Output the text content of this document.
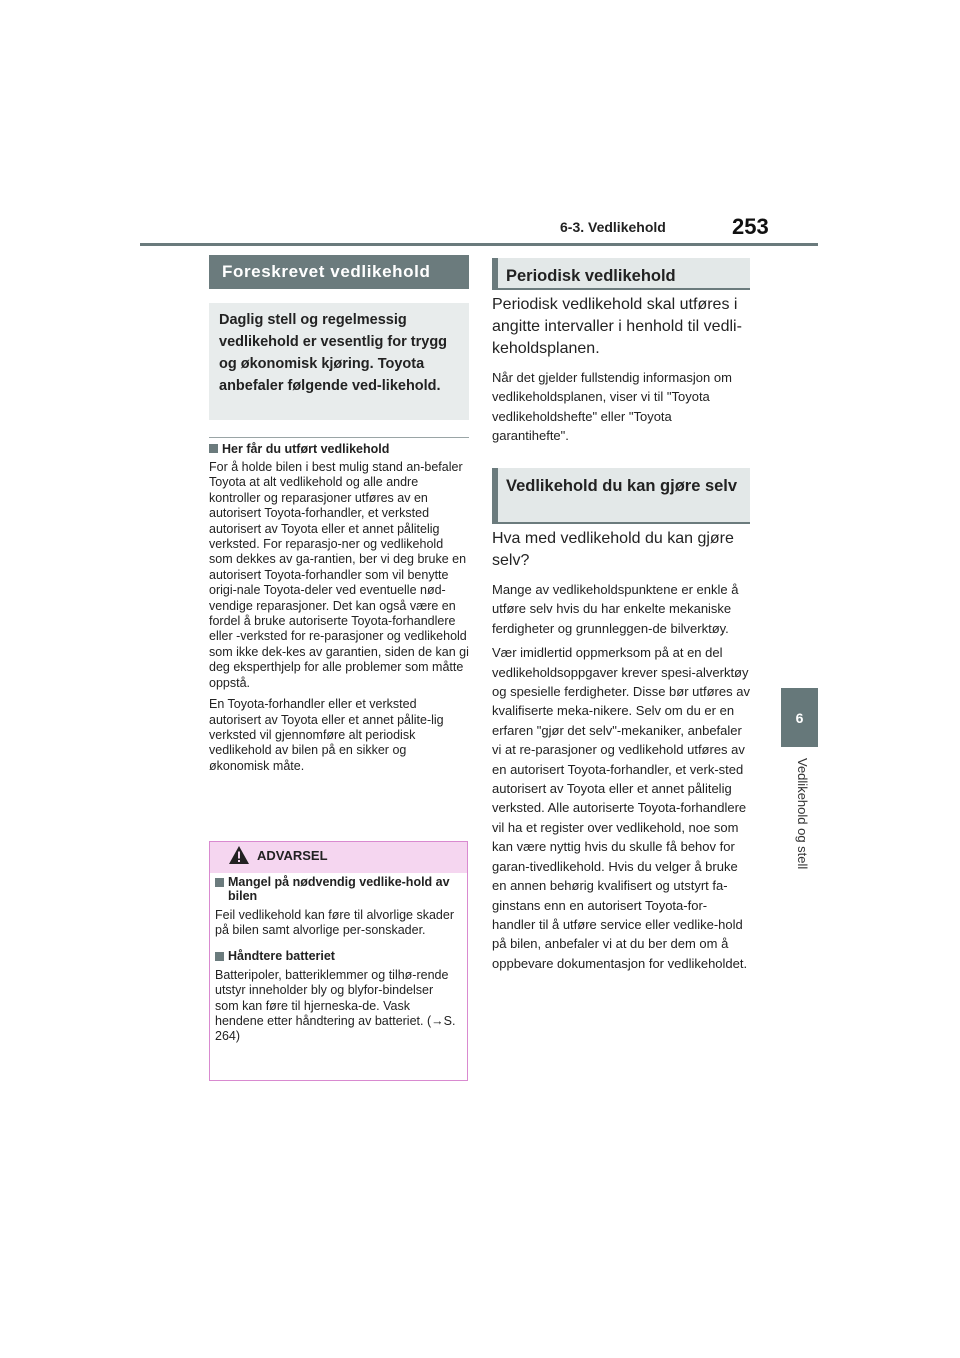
6-3. Vedlikehold	253
6
Vedlikehold og stell
Foreskrevet vedlikehold
Daglig stell og regelmessig vedlikehold er vesentlig for trygg og økonomisk kjøring. Toyota anbefaler følgende ved-likehold.
Her får du utført vedlikehold

For å holde bilen i best mulig stand an-befaler Toyota at alt vedlikehold og alle andre kontroller og reparasjoner utføres av en autorisert Toyota-forhandler, et verksted autorisert av Toyota eller et annet pålitelig verksted. For reparasjo-ner og vedlikehold som dekkes av ga-rantien, ber vi deg bruke en autorisert Toyota-forhandler som vil benytte origi-nale Toyota-deler ved eventuelle nød-vendige reparasjoner. Det kan også være en fordel å bruke autoriserte Toyota-forhandlere eller -verksted for re-parasjoner og vedlikehold som ikke dek-kes av garantien, siden de kan gi deg eksperthjelp for alle problemer som måtte oppstå.

En Toyota-forhandler eller et verksted autorisert av Toyota eller et annet pålite-lig verksted vil gjennomføre alt periodisk vedlikehold av bilen på en sikker og økonomisk måte.

ADVARSEL
Mangel på nødvendig vedlike-hold av bilen

Feil vedlikehold kan føre til alvorlige skader på bilen samt alvorlige per-sonskader.

Håndtere batteriet

Batteripoler, batteriklemmer og tilhø-rende utstyr inneholder bly og blyfor-bindelser som kan føre til hjerneska-de. Vask hendene etter håndtering av batteriet. (→S. 264)

Periodisk vedlikehold

Periodisk vedlikehold skal utføres i angitte intervaller i henhold til vedli-keholdsplanen.

Når det gjelder fullstendig informasjon om vedlikeholdsplanen, viser vi til "Toyota vedlikeholdshefte" eller "Toyota garantihefte".

Vedlikehold du kan gjøre selv

Hva med vedlikehold du kan gjøre selv?

Mange av vedlikeholdspunktene er enkle å utføre selv hvis du har enkelte mekaniske ferdigheter og grunnleggen-de bilverktøy.

Vær imidlertid oppmerksom på at en del vedlikeholdsoppgaver krever spesi-alverktøy og spesielle ferdigheter. Disse bør utføres av kvalifiserte meka-nikere. Selv om du er en erfaren "gjør det selv"-mekaniker, anbefaler vi at re-parasjoner og vedlikehold utføres av en autorisert Toyota-forhandler, et verk-sted autorisert av Toyota eller et annet pålitelig verksted. Alle autoriserte Toyota-forhandlere vil ha et register over vedlikehold, noe som kan være nyttig hvis du skulle få behov for garan-tivedlikehold. Hvis du velger å bruke en annen behørig kvalifisert og utstyrt fa-ginstans enn en autorisert Toyota-for-handler til å utføre service eller vedlike-hold på bilen, anbefaler vi at du ber dem om å oppbevare dokumentasjon for vedlikeholdet.
